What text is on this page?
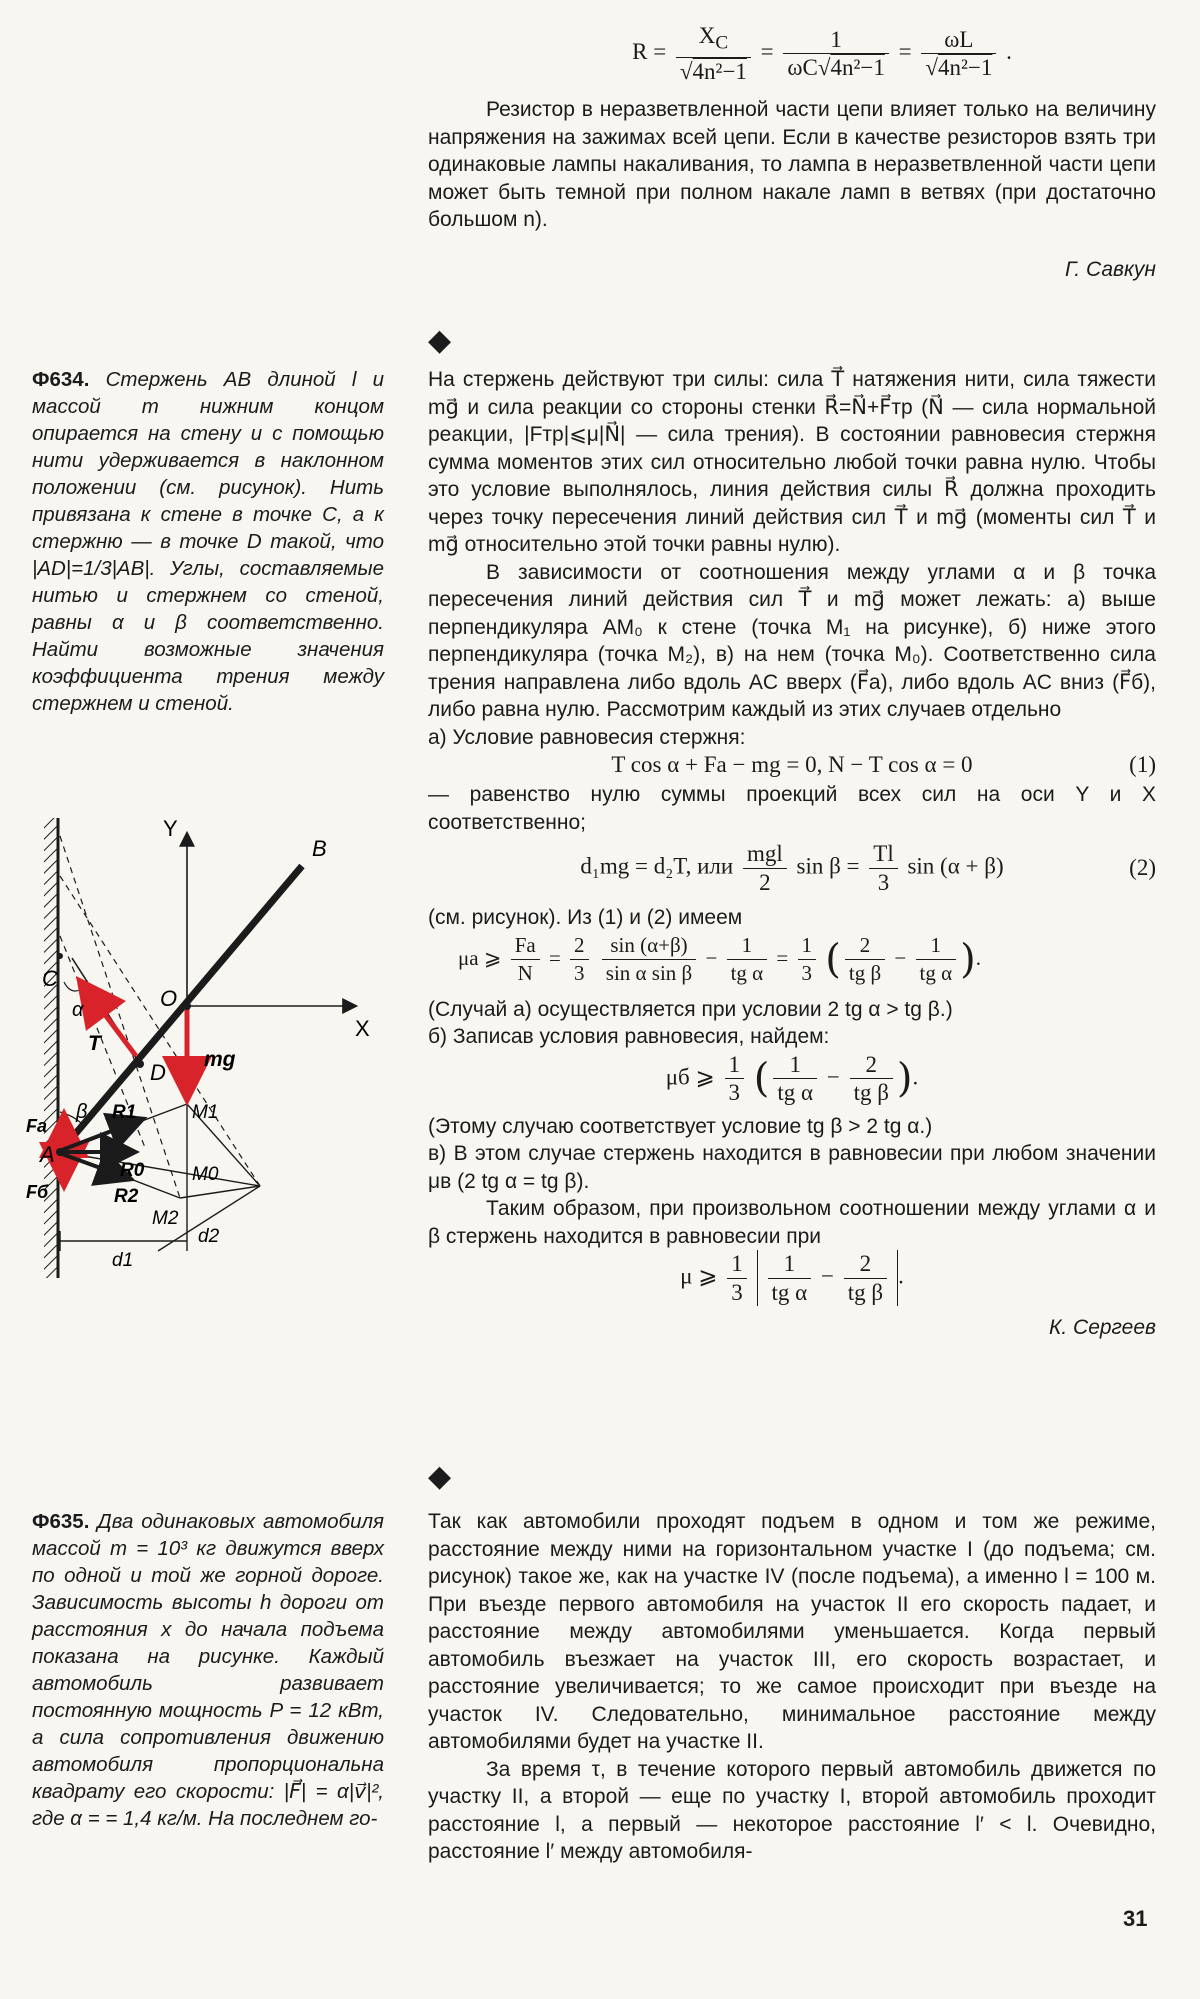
$R = \frac{X_C}{\text{√4n²−1}} = \frac{1}{\text{ωC√4n²−1}} = \frac{\omega L}{\text{√4n²−1}}$ .

Резистор в неразветвленной части цепи влияет только на величину напряжения на зажимах всей цепи. Если в качестве резисторов взять три одинаковые лампы накаливания, то лампа в неразветвленной части цепи может быть темной при полном накале ламп в ветвях (при достаточно большом n).

Г. Савкун
◆
Ф634. Стержень AB длиной l и массой m нижним концом опирается на стену и с помощью нити удерживается в наклонном положении (см. рисунок). Нить привязана к стене в точке C, а к стержню — в точке D такой, что |AD|=1/3|AB|. Углы, составляемые нитью и стержнем со стеной, равны α и β соответственно. Найти возможные значения коэффициента трения между стержнем и стеной.

На стержень действуют три силы: сила T⃗ натяжения нити, сила тяжести mg⃗ и сила реакции со стороны стенки R⃗=N⃗+F⃗тр (N⃗ — сила нормальной реакции, |Fтр|⩽μ|N⃗| — сила трения). В состоянии равновесия стержня сумма моментов этих сил относительно любой точки равна нулю. Чтобы это условие выполнялось, линия действия силы R⃗ должна проходить через точку пересечения линий действия сил T⃗ и mg⃗ (моменты сил T⃗ и mg⃗ относительно этой точки равны нулю).

В зависимости от соотношения между углами α и β точка пересечения линий действия сил T⃗ и mg⃗ может лежать: а) выше перпендикуляра AM₀ к стене (точка M₁ на рисунке), б) ниже этого перпендикуляра (точка M₂), в) на нем (точка M₀). Соответственно сила трения направлена либо вдоль AC вверх (F⃗а), либо вдоль AC вниз (F⃗б), либо равна нулю. Рассмотрим каждый из этих случаев отдельно

а) Условие равновесия стержня:

T cos α + Fа − mg = 0, N − T cos α = 0	(1)

— равенство нулю суммы проекций всех сил на оси Y и X соответственно;

d₁mg = d₂T, или $\frac{\text{mgl}}{2}$ $\sin \beta = \frac{Tl}{3}$ sin (α + β)	(2)

(см. рисунок). Из (1) и (2) имеем

μа ⩾ $\frac{Fа}{N} = \frac{2}{3}$
$\frac{\sin (\alpha+\beta)}{\text{sin α sin β}} - \frac{1}{\text{tg α}} = \frac{1}{3}$ ( $\frac{2}{\text{tg β}} - \frac{1}{\text{tg α}}$ ).

(Случай а) осуществляется при условии 2 tg α > tg β.)

б) Записав условия равновесия, найдем:

μб ⩾ $\frac{1}{3}$ ( $\frac{1}{\text{tg α}} - \frac{2}{\text{tg β}}$ ).

(Этому случаю соответствует условие tg β > 2 tg α.)

в) В этом случае стержень находится в равновесии при любом значении μв (2 tg α = tg β).

Таким образом, при произвольном соотношении между углами α и β стержень находится в равновесии при

μ ⩾ $\frac{1}{3}$
$\frac{1}{\text{tg α}} - \frac{2}{\text{tg β}}$ .
К. Сергеев
Y
X
B
C
O
D
A
α
β
T
mg
M1
M0
M2
R1
R0
R2
Fа
Fб
d1
d2
◆
Ф635. Два одинаковых автомобиля массой m = 10³ кг движутся вверх по одной и той же горной дороге. Зависимость высоты h дороги от расстояния x до начала подъема показана на рисунке. Каждый автомобиль развивает постоянную мощность P = 12 кВт, а сила сопротивления движению автомобиля пропорциональна квадрату его скорости: |F⃗| = α|v⃗|², где α = = 1,4 кг/м. На последнем го-

Так как автомобили проходят подъем в одном и том же режиме, расстояние между ними на горизонтальном участке I (до подъема; см. рисунок) такое же, как на участке IV (после подъема), а именно l = 100 м. При въезде первого автомобиля на участок II его скорость падает, и расстояние между автомобилями уменьшается. Когда первый автомобиль въезжает на участок III, его скорость возрастает, и расстояние увеличивается; то же самое происходит при въезде на участок IV. Следовательно, минимальное расстояние между автомобилями будет на участке II.

За время τ, в течение которого первый автомобиль движется по участку II, а второй — еще по участку I, второй автомобиль проходит расстояние l, а первый — некоторое расстояние l′ < l. Очевидно, расстояние l′ между автомобиля-

31
